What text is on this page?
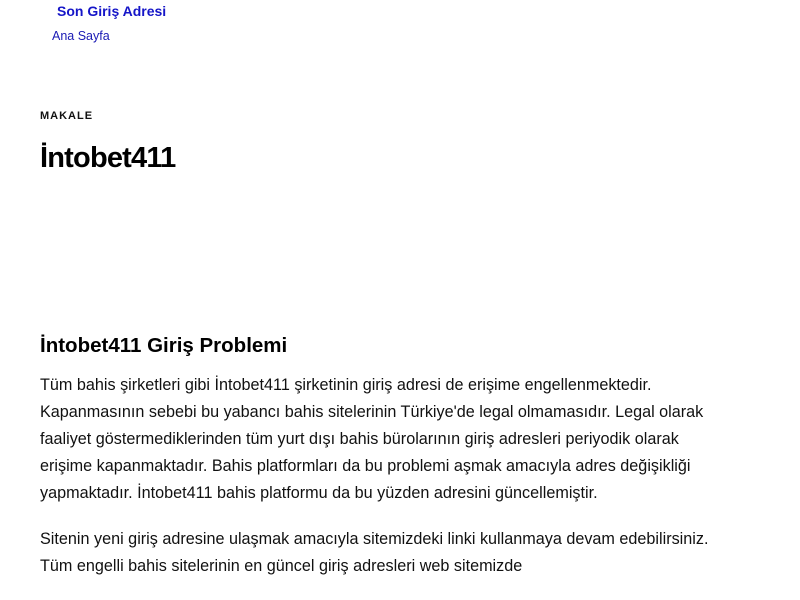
Son Giriş Adresi
Ana Sayfa
MAKALE
İntobet411
İntobet411 Giriş Problemi

Tüm bahis şirketleri gibi İntobet411 şirketinin giriş adresi de erişime engellenmektedir. Kapanmasının sebebi bu yabancı bahis sitelerinin Türkiye'de legal olmamasıdır. Legal olarak faaliyet göstermediklerinden tüm yurt dışı bahis bürolarının giriş adresleri periyodik olarak erişime kapanmaktadır. Bahis platformları da bu problemi aşmak amacıyla adres değişikliği yapmaktadır. İntobet411 bahis platformu da bu yüzden adresini güncellemiştir.

Sitenin yeni giriş adresine ulaşmak amacıyla sitemizdeki linki kullanmaya devam edebilirsiniz. Tüm engelli bahis sitelerinin en güncel giriş adresleri web sitemizde
